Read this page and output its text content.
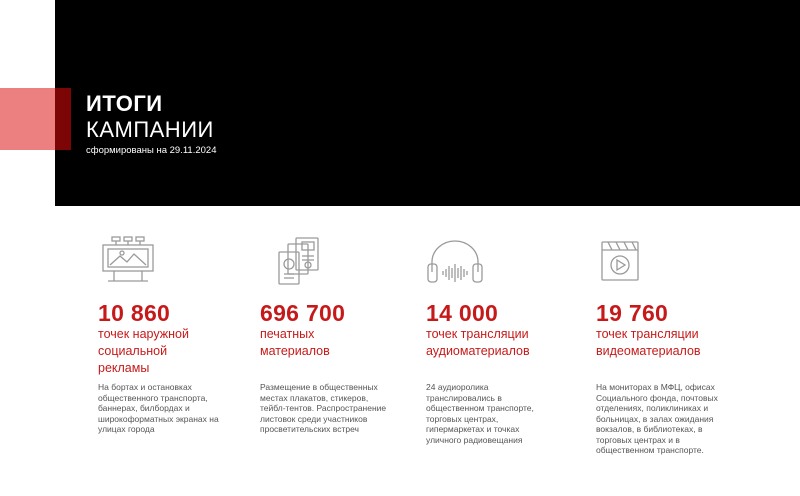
ИТОГИ
КАМПАНИИ
сформированы на 29.11.2024
10 860	696 700	14 000	19 760
точек наружной социальной рекламы
печатных материалов
точек трансляции аудиоматериалов
точек трансляции видеоматериалов
На бортах и остановках общественного транспорта, баннерах, билбордах и широкоформатных экранах на улицах города
Размещение в общественных местах плакатов, стикеров, тейбл-тентов. Распространение листовок среди участников просветительских встреч
24 аудиоролика транслировались в общественном транспорте, торговых центрах, гипермаркетах и точках уличного радиовещания
На мониторах в МФЦ, офисах Социального фонда, почтовых отделениях, поликлиниках и больницах, в залах ожидания вокзалов, в библиотеках, в торговых центрах и в общественном транспорте.
